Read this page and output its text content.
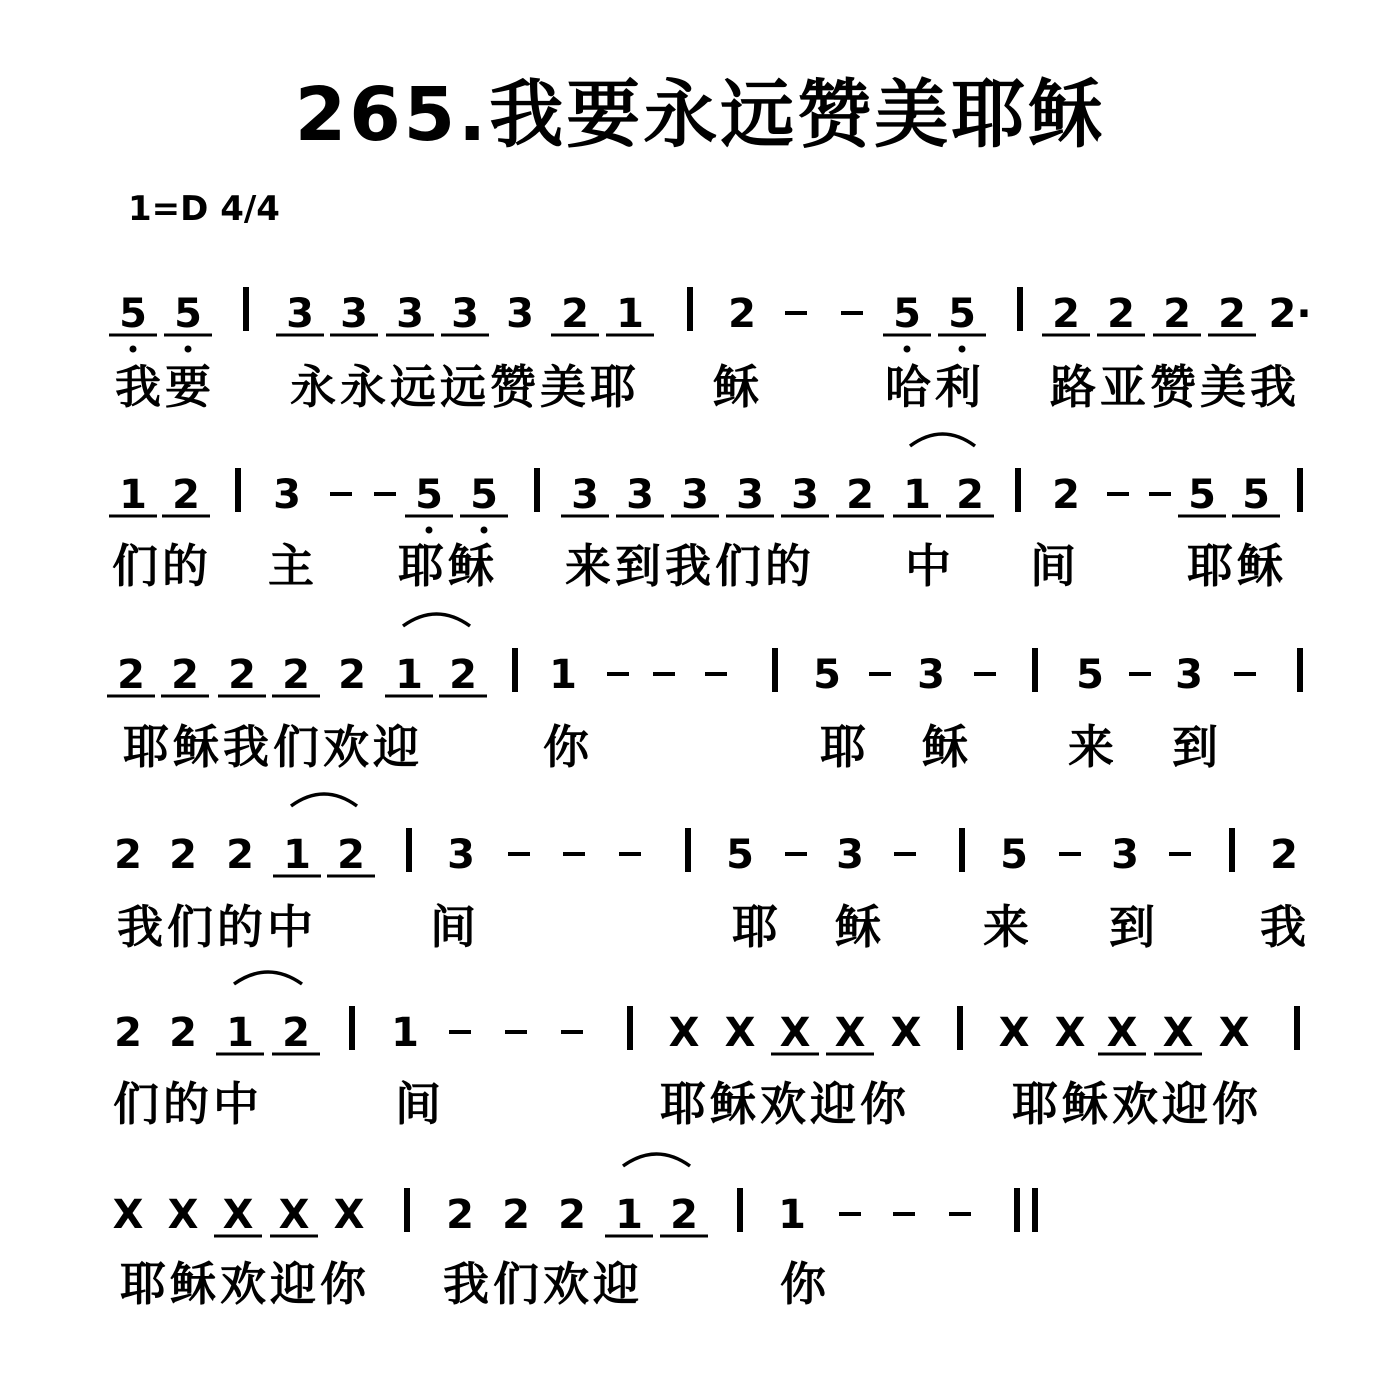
265.我要永远赞美耶稣
1=D 4/4
5 5 3 3 3 3 3 2 1 2	5 5 2 2 2 2 2·
我要 永永远远赞美耶 稣	哈利 路亚赞美我
1 2 3	5 5 3 3 3 3 3 2 1 2 2	5 5
们的 主 耶稣 来到我们的 中 间 耶稣
2 2 2 2 2 1 2 1	5 3	5 3
耶稣我们欢迎	你	耶 稣 来 到
2 2 2 1 2 3	5 3	5 3	2
我们的中 间	耶 稣 来 到 我
2 2 1 2 1	X X X X X X X X X X
们的中	间	耶稣欢迎你 耶稣欢迎你
X X X X X 2 2 2 1 2 1
耶稣欢迎你 我们欢迎	你
